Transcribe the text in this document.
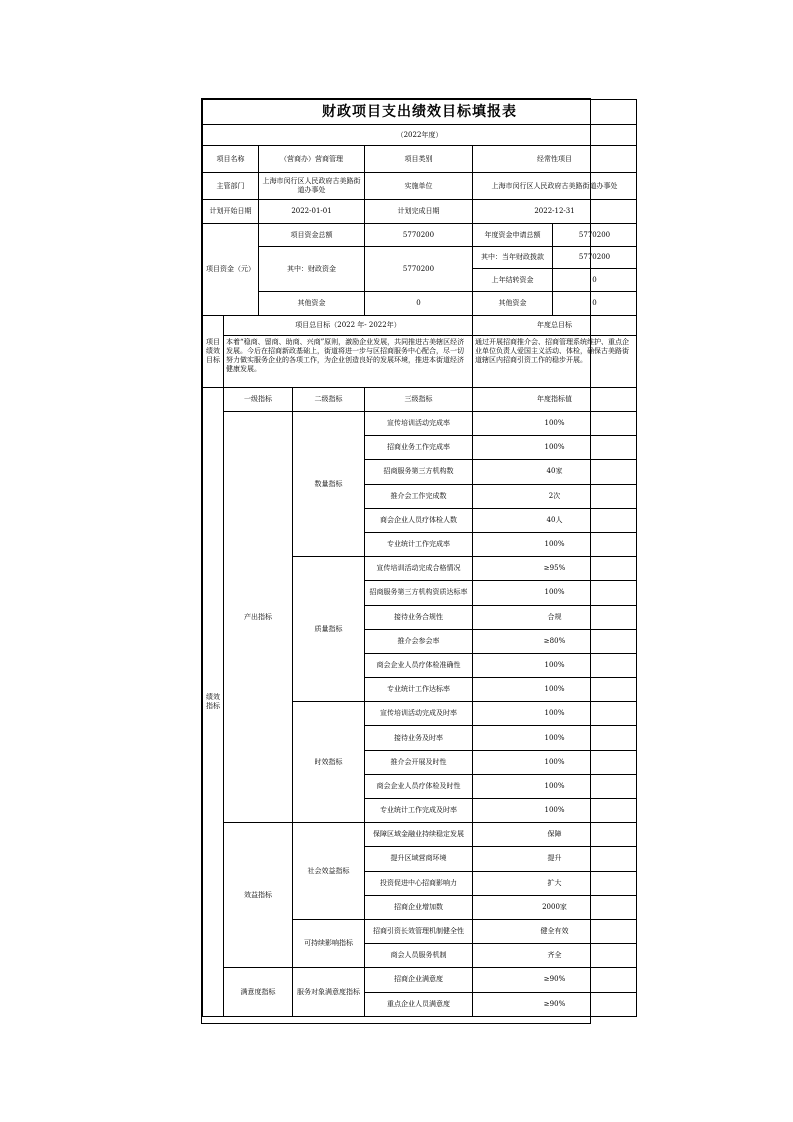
财政项目支出绩效目标填报表						
（2022年度）						
项目名称		（营商办）营商管理		项目类别	经常性项目	
主管部门		上海市闵行区人民政府古美路街道办事处		实施单位	上海市闵行区人民政府古美路街道办事处	
计划开始日期		2022-01-01		计划完成日期	2022-12-31	
项目资金（元）		项目资金总额		5770200	年度资金申请总额	5770200
		其中：财政资金		5770200	其中：当年财政拨款	5770200
					上年结转资金	0
		其他资金		0	其他资金	0
项目绩效目标	项目总目标（2022 年- 2022年）				年度总目标	
	本着“稳商、留商、助商、兴商”原则，激励企业发展，共同推进古美辖区经济发展。今后在招商新政基础上，街道将进一步与区招商服务中心配合，尽一切努力做实服务企业的各项工作，为企业创造良好的发展环境，推进本街道经济健康发展。				通过开展招商推介会、招商管理系统维护、重点企业单位负责人爱国主义活动、体检，确保古美路街道辖区内招商引资工作的稳步开展。	
绩效指标	一级指标		二级指标	三级指标	年度指标值	
	产出指标		数量指标	宣传培训活动完成率	100%	
				招商业务工作完成率	100%	
				招商服务第三方机构数	40家	
				推介会工作完成数	2次	
				商会企业人员疗体检人数	40人	
				专业统计工作完成率	100%	
			质量指标	宣传培训活动完成合格情况	≥95%	
				招商服务第三方机构资质达标率	100%	
				接待业务合规性	合规	
				推介会参会率	≥80%	
				商会企业人员疗体检准确性	100%	
				专业统计工作达标率	100%	
			时效指标	宣传培训活动完成及时率	100%	
				接待业务及时率	100%	
				推介会开展及时性	100%	
				商会企业人员疗体检及时性	100%	
				专业统计工作完成及时率	100%	
	效益指标		社会效益指标	保障区域金融业持续稳定发展	保障	
				提升区域营商环境	提升	
				投资促进中心招商影响力	扩大	
				招商企业增加数	2000家	
			可持续影响指标	招商引资长效管理机制健全性	健全有效	
				商会人员服务机制	齐全	
	满意度指标		服务对象满意度指标	招商企业满意度	≥90%	
				重点企业人员满意度	≥90%	
